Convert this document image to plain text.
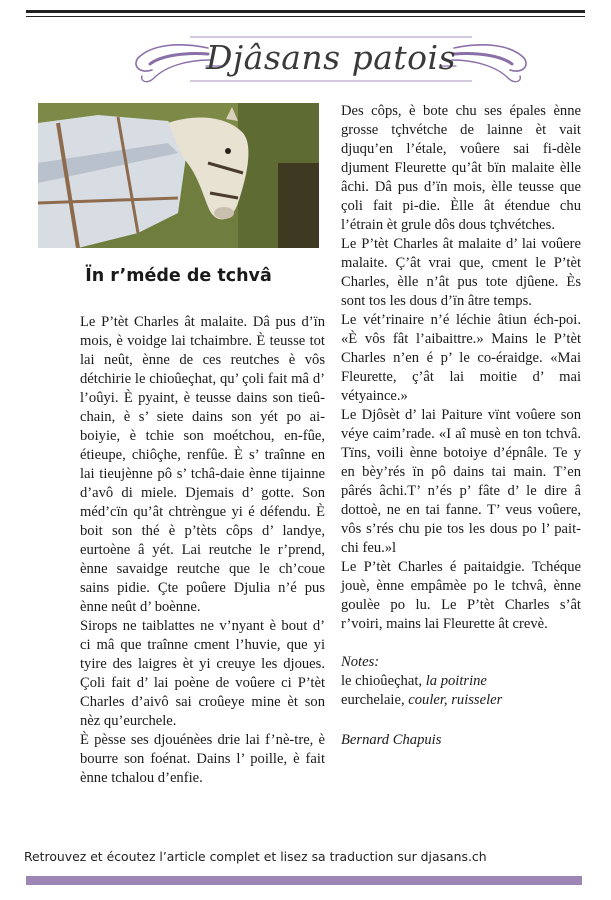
Djâsans patois
Ïn r’méde de tchvâ

Le P’tèt Charles ât malaite. Dâ pus d’ïn mois, è voidge lai tchaimbre. È teusse tot lai neût, ènne de ces reutches è vôs détchirie le chioûeçhat, qu’ çoli fait mâ d’ l’oûyi. È pyaint, è teusse dains son tieû-chain, è s’ siete dains son yét po ai-boiyie, è tchie son moétchou, en-fûe, étieupe, chiôçhe, renfûe. È s’ traînne en lai tieujènne pô s’ tchâ-daie ènne tijainne d’avô di miele. Djemais d’ gotte. Son méd’cïn qu’ât chtrèngue yi é défendu. È boit son thé è p’tèts côps d’ landye, eurtoène â yét. Lai reutche le r’prend, ènne savaidge reutche que le ch’coue sains pidie. Çte poûere Djulia n’é pus ènne neût d’ boènne.

Sirops ne taiblattes ne v’nyant è bout d’ ci mâ que traînne cment l’huvie, que yi tyire des laigres èt yi creuye les djoues. Çoli fait d’ lai poène de voûere ci P’tèt Charles d’aivô sai croûeye mine èt son nèz qu’eurchele.

È pèsse ses djouénèes drie lai f’nè-tre, è bourre son foénat. Dains l’ poille, è fait ènne tchalou d’enfie.

Des côps, è bote chu ses épales ènne grosse tçhvétche de lainne èt vait djuqu’en l’étale, voûere sai fi-dèle djument Fleurette qu’ât bïn malaite èlle âchi. Dâ pus d’ïn mois, èlle teusse que çoli fait pi-die. Èlle ât étendue chu l’étrain èt grule dôs dous tçhvétches.

Le P’tèt Charles ât malaite d’ lai voûere malaite. Ç’ât vrai que, cment le P’tèt Charles, èlle n’ât pus tote djûene. Ès sont tos les dous d’ïn âtre temps.

Le vét’rinaire n’é léchie âtiun éch-poi. «È vôs fât l’aibaittre.» Mains le P’tèt Charles n’en é p’ le co-éraidge. «Mai Fleurette, ç’ât lai moitie d’ mai vétyaince.»

Le Djôsèt d’ lai Paiture vïnt voûere son véye caim’rade. «I aî musè en ton tchvâ. Tïns, voili ènne botoiye d’épnâle. Te y en bèy’rés ïn pô dains tai main. T’en pârés âchi.T’ n’és p’ fâte d’ le dire â dottoè, ne en tai fanne. T’ veus voûere, vôs s’rés chu pie tos les dous po l’ pait-chi feu.»l

Le P’tèt Charles é paitaidgie. Tchéque jouè, ènne empâmèe po le tchvâ, ènne goulèe po lu. Le P’tèt Charles s’ât r’voiri, mains lai Fleurette ât crevè.

Notes:
le chioûeçhat, la poitrine
eurchelaie, couler, ruisseler
Bernard Chapuis
Retrouvez et écoutez l’article complet et lisez sa traduction sur djasans.ch
